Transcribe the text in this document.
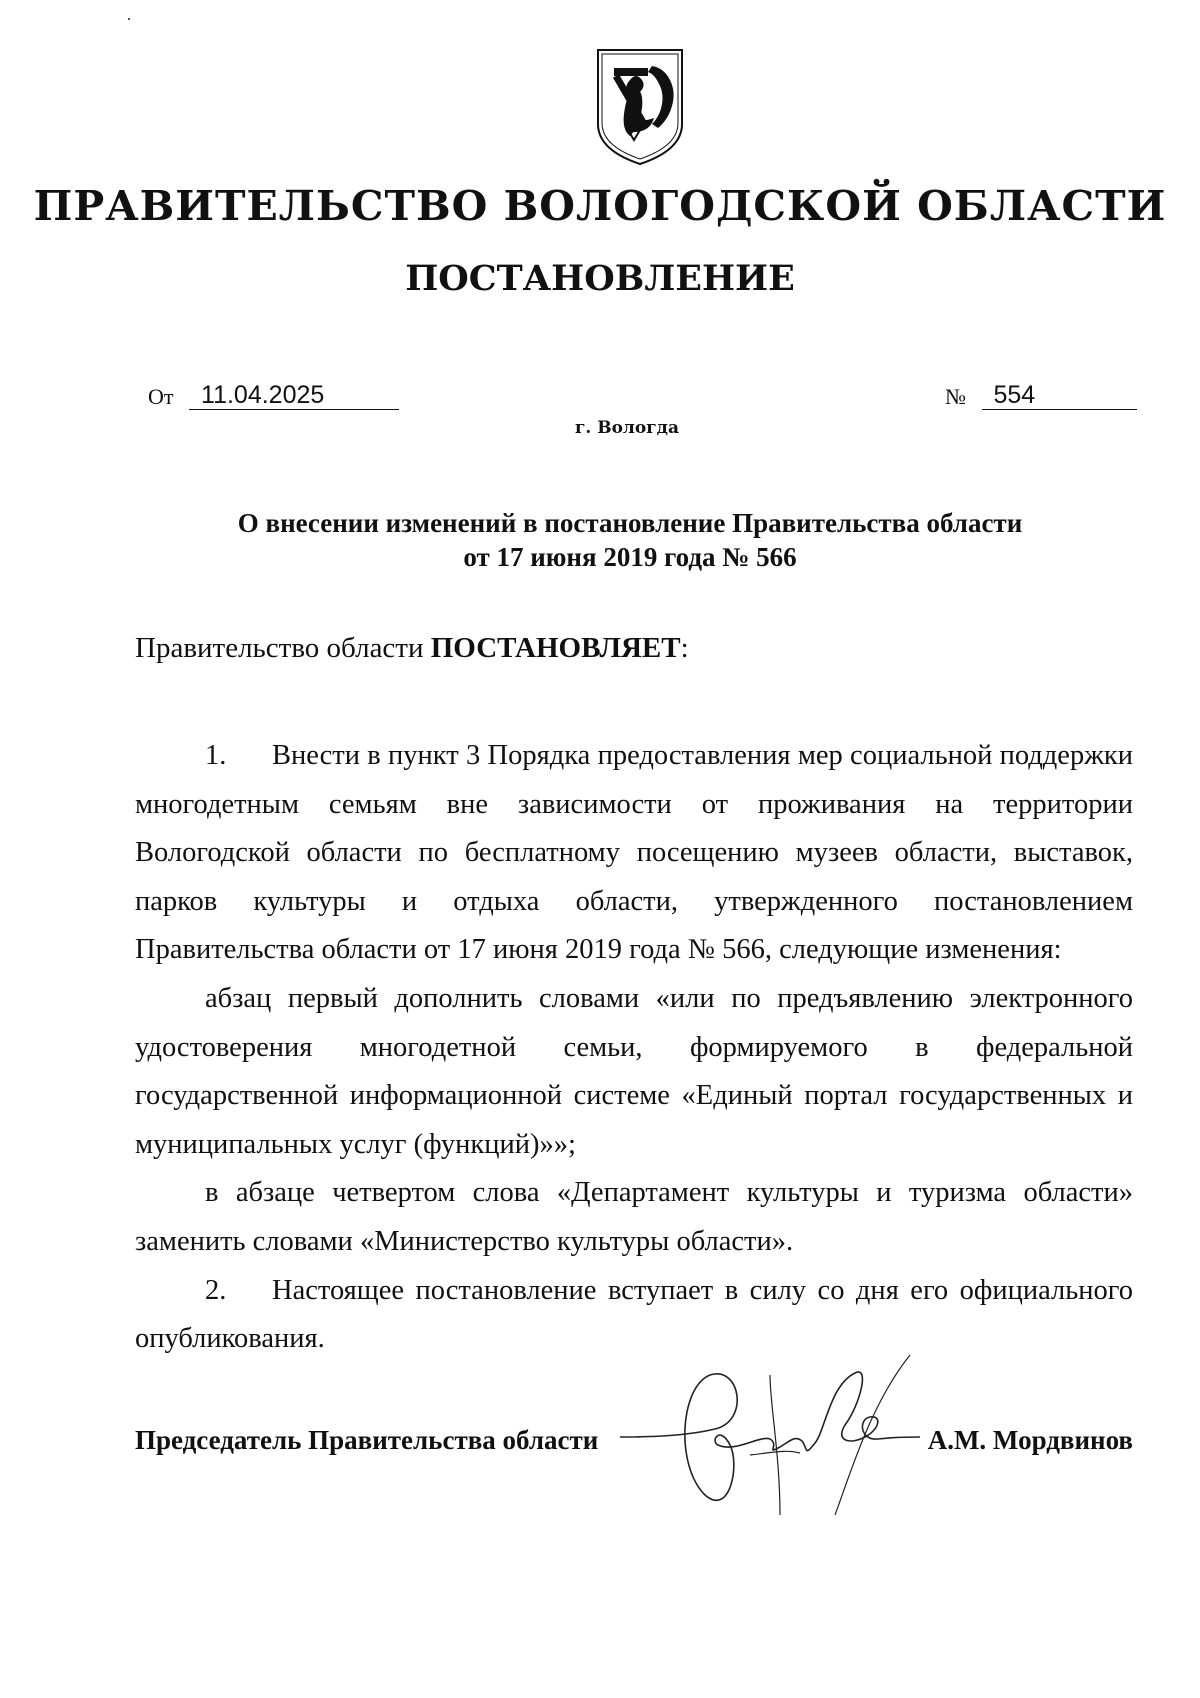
ПРАВИТЕЛЬСТВО ВОЛОГОДСКОЙ ОБЛАСТИ
ПОСТАНОВЛЕНИЕ
От 11.04.2025	№ 554
г. Вологда
О внесении изменений в постановление Правительства области
от 17 июня 2019 года № 566
Правительство области ПОСТАНОВЛЯЕТ:

1. Внести в пункт 3 Порядка предоставления мер социальной поддержки многодетным семьям вне зависимости от проживания на территории Вологодской области по бесплатному посещению музеев области, выставок, парков культуры и отдыха области, утвержденного постановлением Правительства области от 17 июня 2019 года № 566, следующие изменения:

абзац первый дополнить словами «или по предъявлению электронного удостоверения многодетной семьи, формируемого в федеральной государственной информационной системе «Единый портал государственных и муниципальных услуг (функций)»»;

в абзаце четвертом слова «Департамент культуры и туризма области» заменить словами «Министерство культуры области».

2. Настоящее постановление вступает в силу со дня его официального опубликования.

Председатель Правительства области	А.М. Мордвинов
